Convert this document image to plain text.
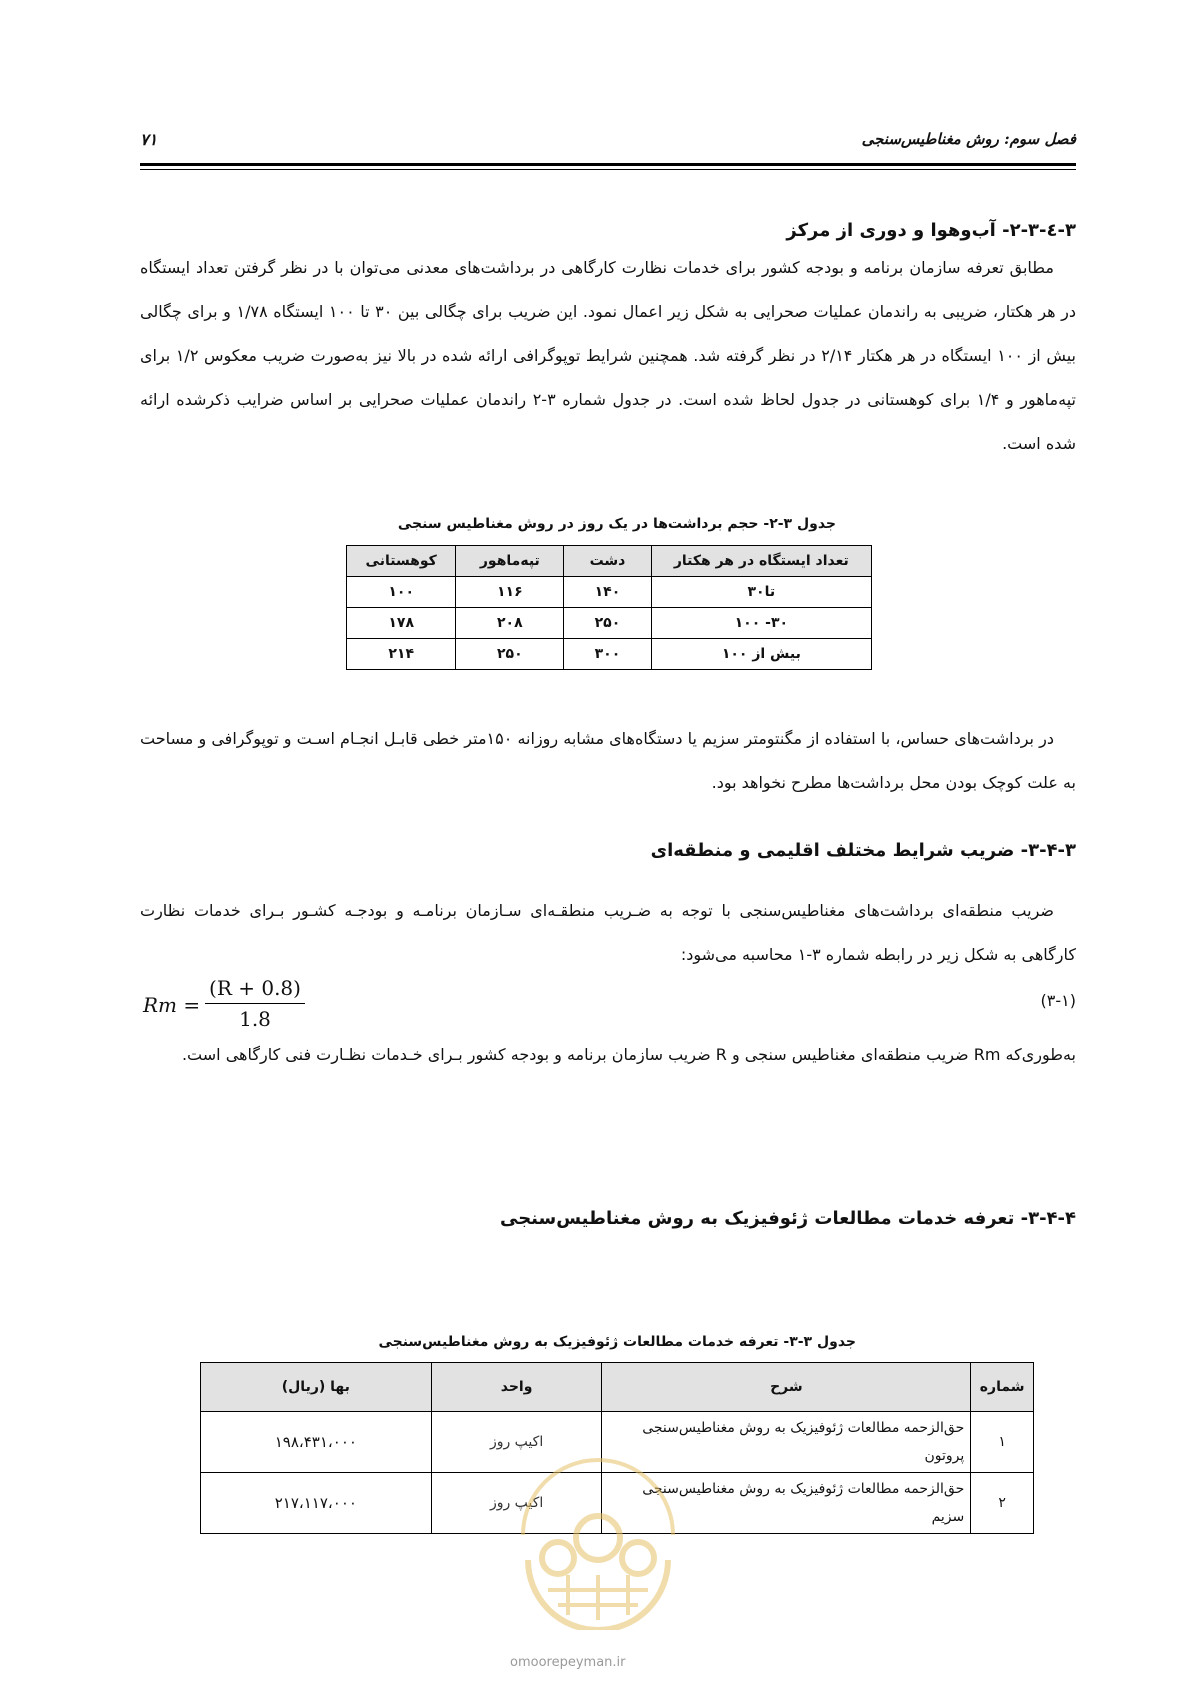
فصل سوم: روش مغناطیس‌سنجی
۷۱
۳-٤-۲-۳- آب‌وهوا و دوری از مرکز
مطابق تعرفه سازمان برنامه و بودجه کشور برای خدمات نظارت کارگاهی در برداشت‌های معدنی می‌توان با در نظر گرفتن تعداد ایستگاه در هر هکتار، ضریبی به راندمان عملیات صحرایی به شکل زیر اعمال نمود. این ضریب برای چگالی بین ۳۰ تا ۱۰۰ ایستگاه ۱/۷۸ و برای چگالی بیش از ۱۰۰ ایستگاه در هر هکتار ۲/۱۴ در نظر گرفته شد. همچنین شرایط توپوگرافی ارائه شده در بالا نیز به‌صورت ضریب معکوس ۱/۲ برای تپه‌ماهور و ۱/۴ برای کوهستانی در جدول لحاظ شده است. در جدول شماره ۳-۲ راندمان عملیات صحرایی بر اساس ضرایب ذکرشده ارائه شده است.
جدول ۳-۲- حجم برداشت‌ها در یک روز در روش مغناطیس سنجی
تعداد ایستگاه در هر هکتار	دشت	تپه‌ماهور	کوهستانی
تا۳۰	۱۴۰	۱۱۶	۱۰۰
۳۰- ۱۰۰	۲۵۰	۲۰۸	۱۷۸
بیش از ۱۰۰	۳۰۰	۲۵۰	۲۱۴
در برداشت‌های حساس، با استفاده از مگنتومتر سزیم یا دستگاه‌های مشابه روزانه ۱۵۰متر خطی قابـل انجـام اسـت و توپوگرافی و مساحت به علت کوچک بودن محل برداشت‌ها مطرح نخواهد بود.
۳-۴-۳- ضریب شرایط مختلف اقلیمی و منطقه‌ای
ضریب منطقه‌ای برداشت‌های مغناطیس‌سنجی با توجه به ضـریب منطقـه‌ای سـازمان برنامـه و بودجـه کشـور بـرای خدمات نظارت کارگاهی به شکل زیر در رابطه شماره ۳-۱ محاسبه می‌شود:
Rm =
(R + 0.8)
1.8
(۳-۱)
به‌طوری‌که Rm ضریب منطقه‌ای مغناطیس سنجی و R ضریب سازمان برنامه و بودجه کشور بـرای خـدمات نظـارت فنی کارگاهی است.
۳-۴-۴- تعرفه خدمات مطالعات ژئوفیزیک به روش مغناطیس‌سنجی
جدول ۳-۳- تعرفه خدمات مطالعات ژئوفیزیک به روش مغناطیس‌سنجی
شماره	شرح	واحد	بها (ریال)
۱	حق‌الزحمه مطالعات ژئوفیزیک به روش مغناطیس‌سنجی پروتون	اکیپ روز	۱۹۸،۴۳۱،۰۰۰
۲	حق‌الزحمه مطالعات ژئوفیزیک به روش مغناطیس‌سنجی سزیم	اکیپ روز	۲۱۷،۱۱۷،۰۰۰
omoorepeyman.ir
